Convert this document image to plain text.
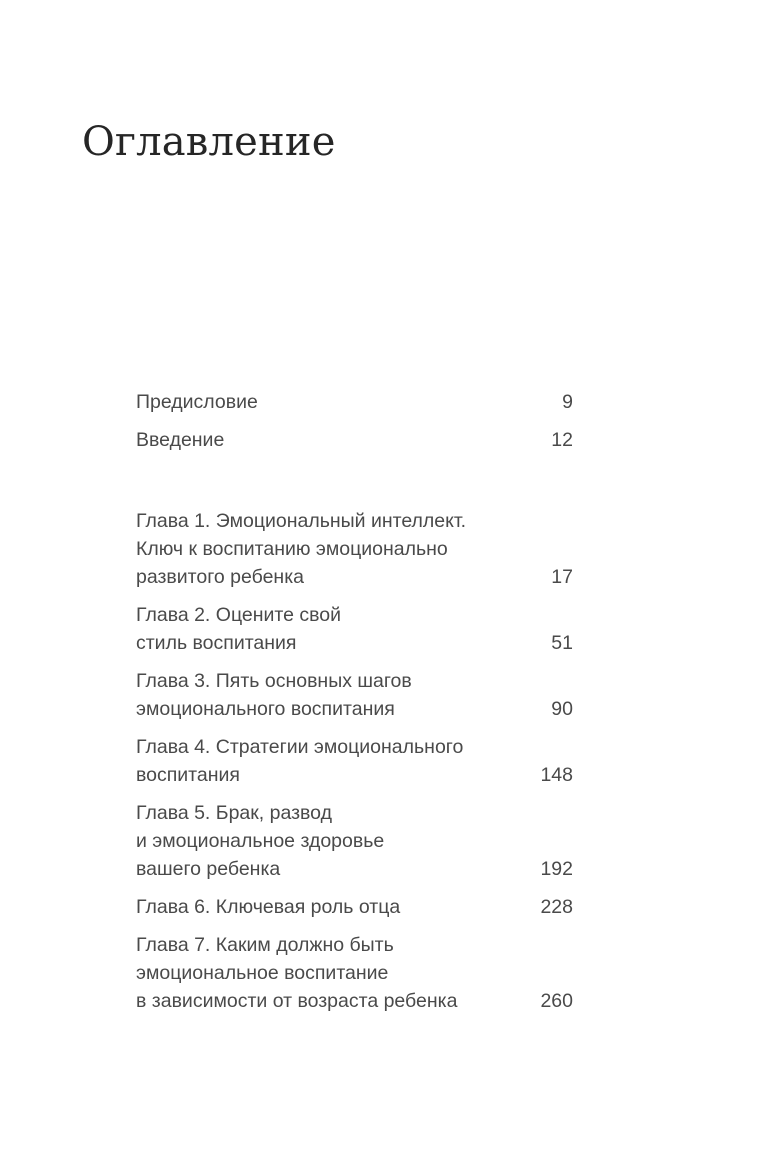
Оглавление
Предисловие	9
Введение	12
Глава 1. Эмоциональный интеллект.
Ключ к воспитанию эмоционально
развитого ребенка	17
Глава 2. Оцените свой
стиль воспитания	51
Глава 3. Пять основных шагов
эмоционального воспитания	90
Глава 4. Стратегии эмоционального
воспитания	148
Глава 5. Брак, развод
и эмоциональное здоровье
вашего ребенка	192
Глава 6. Ключевая роль отца	228
Глава 7. Каким должно быть
эмоциональное воспитание
в зависимости от возраста ребенка	260
